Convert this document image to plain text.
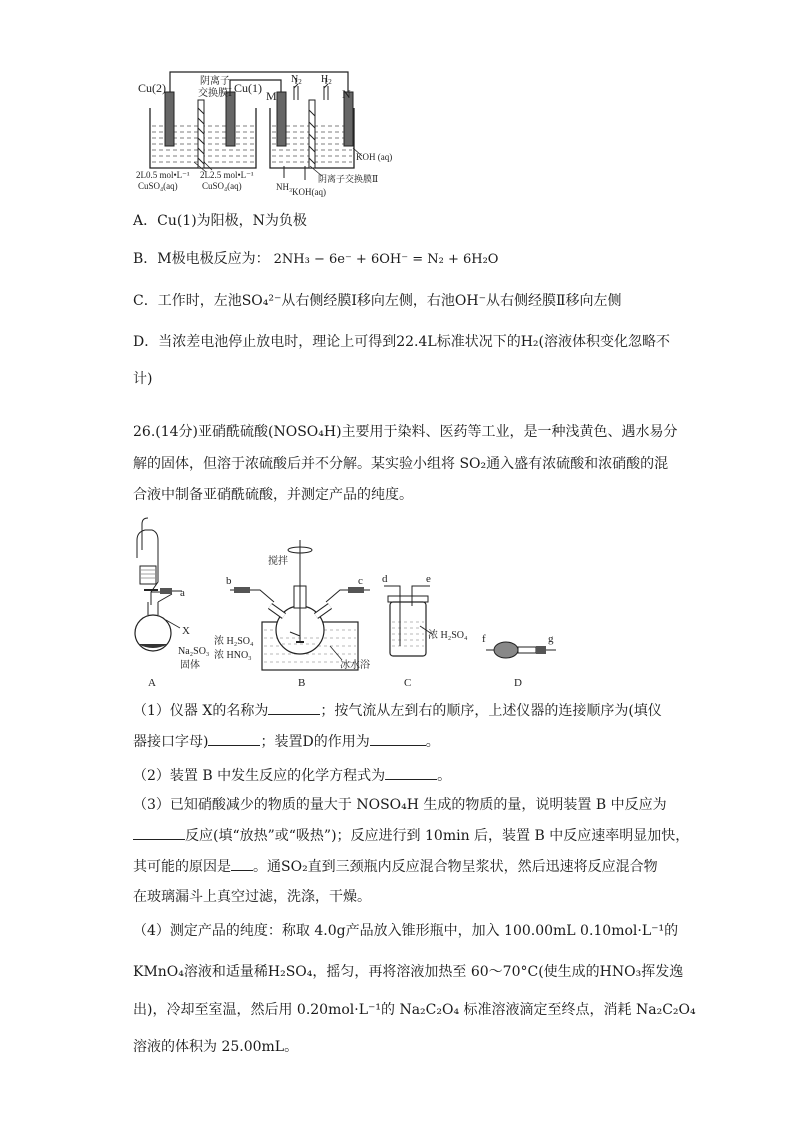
Cu(2)	Cu(1)
阴离子
交换膜Ⅰ	M	N
$N_2$ $H_2$
2L0.5 mol•L⁻¹
CuSO₄(aq)
2L2.5 mol•L⁻¹
CuSO₄(aq)	NH₃
阴离子交换膜Ⅱ
KOH(aq)
KOH (aq)
A．Cu(1)为阳极，N为负极
B．M极电极反应为： 2NH₃ − 6e⁻ + 6OH⁻ = N₂ + 6H₂O
C．工作时，左池SO₄²⁻从右侧经膜Ⅰ移向左侧，右池OH⁻从右侧经膜Ⅱ移向左侧
D．当浓差电池停止放电时，理论上可得到22.4L标准状况下的H₂(溶液体积变化忽略不
计)
26.(14分)亚硝酰硫酸(NOSO₄H)主要用于染料、医药等工业，是一种浅黄色、遇水易分
解的固体，但溶于浓硫酸后并不分解。某实验小组将 SO₂通入盛有浓硫酸和浓硝酸的混
合液中制备亚硝酰硫酸，并测定产品的纯度。
a
X
Na₂SO₃
固体
A
搅拌
b	c
浓 H₂SO₄
浓 HNO₃
冰水浴
B
d	e
浓 H₂SO₄
C
f	g
D
（1）仪器 X的名称为	；按气流从左到右的顺序，上述仪器的连接顺序为(填仪
器接口字母)	；装置D的作用为	。
（2）装置 B 中发生反应的化学方程式为	。
（3）已知硝酸减少的物质的量大于 NOSO₄H 生成的物质的量，说明装置 B 中反应为
反应(填“放热”或“吸热”)；反应进行到 10min 后，装置 B 中反应速率明显加快，
其可能的原因是 。通SO₂直到三颈瓶内反应混合物呈浆状，然后迅速将反应混合物
在玻璃漏斗上真空过滤，洗涤，干燥。
（4）测定产品的纯度：称取 4.0g产品放入锥形瓶中，加入 100.00mL 0.10mol·L⁻¹的
KMnO₄溶液和适量稀H₂SO₄，摇匀，再将溶液加热至 60～70°C(使生成的HNO₃挥发逸
出)，冷却至室温，然后用 0.20mol·L⁻¹的 Na₂C₂O₄ 标准溶液滴定至终点，消耗 Na₂C₂O₄
溶液的体积为 25.00mL。
